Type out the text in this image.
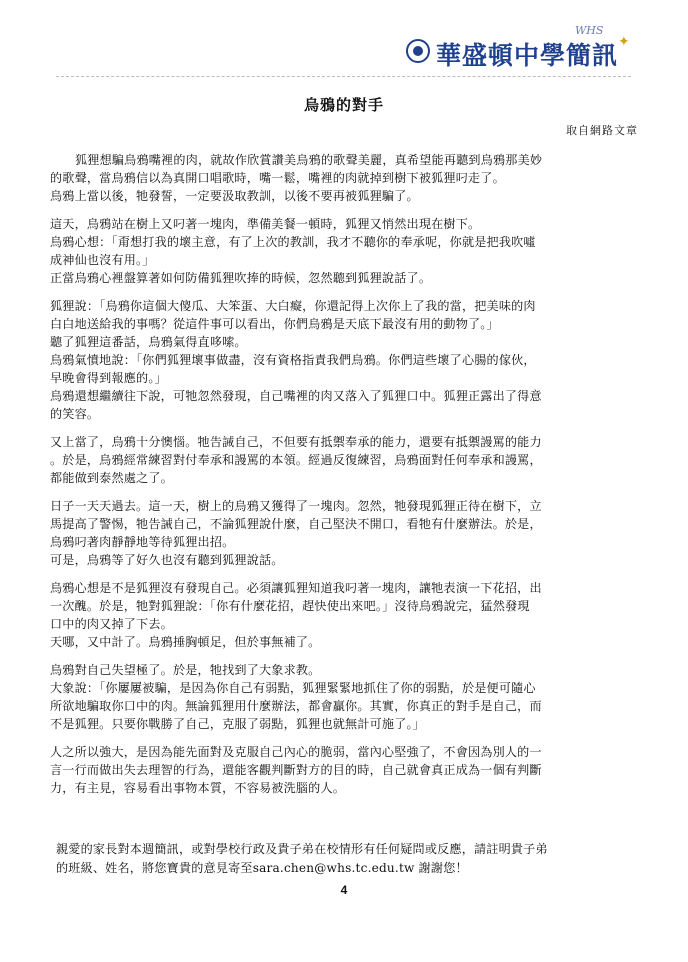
WHS
✦
華盛頓中學簡訊
烏鴉的對手
取自網路文章
狐狸想騙烏鴉嘴裡的肉，就故作欣賞讚美烏鴉的歌聲美麗，真希望能再聽到烏鴉那美妙
的歌聲，當烏鴉信以為真開口唱歌時，嘴一鬆，嘴裡的肉就掉到樹下被狐狸叼走了。
烏鴉上當以後，牠發誓，一定要汲取教訓，以後不要再被狐狸騙了。
這天，烏鴉站在樹上又叼著一塊肉，準備美餐一頓時，狐狸又悄然出現在樹下。
烏鴉心想：「甭想打我的壞主意，有了上次的教訓，我才不聽你的奉承呢，你就是把我吹噓
成神仙也沒有用。」
正當烏鴉心裡盤算著如何防備狐狸吹捧的時候，忽然聽到狐狸說話了。
狐狸說：「烏鴉你這個大傻瓜、大笨蛋、大白癡，你還記得上次你上了我的當，把美味的肉
白白地送給我的事嗎？從這件事可以看出，你們烏鴉是天底下最沒有用的動物了。」
聽了狐狸這番話，烏鴉氣得直哆嗦。
烏鴉氣憤地說：「你們狐狸壞事做盡，沒有資格指責我們烏鴉。你們這些壞了心腸的傢伙，
早晚會得到報應的。」
烏鴉還想繼續往下說，可牠忽然發現，自己嘴裡的肉又落入了狐狸口中。狐狸正露出了得意
的笑容。
又上當了，烏鴉十分懊惱。牠告誡自己，不但要有抵禦奉承的能力，還要有抵禦謾罵的能力
。於是，烏鴉經常練習對付奉承和謾罵的本領。經過反復練習，烏鴉面對任何奉承和謾罵，
都能做到泰然處之了。
日子一天天過去。這一天，樹上的烏鴉又獲得了一塊肉。忽然，牠發現狐狸正待在樹下，立
馬提高了警惕，牠告誡自己，不論狐狸說什麼，自己堅決不開口，看牠有什麼辦法。於是，
烏鴉叼著肉靜靜地等待狐狸出招。
可是，烏鴉等了好久也沒有聽到狐狸說話。
烏鴉心想是不是狐狸沒有發現自己。必須讓狐狸知道我叼著一塊肉，讓牠表演一下花招，出
一次醜。於是，牠對狐狸說：「你有什麼花招，趕快使出來吧。」沒待烏鴉說完，猛然發現
口中的肉又掉了下去。
天哪，又中計了。烏鴉捶胸頓足，但於事無補了。
烏鴉對自己失望極了。於是，牠找到了大象求教。
大象說：「你屢屢被騙，是因為你自己有弱點，狐狸緊緊地抓住了你的弱點，於是便可隨心
所欲地騙取你口中的肉。無論狐狸用什麼辦法，都會贏你。其實，你真正的對手是自己，而
不是狐狸。只要你戰勝了自己，克服了弱點，狐狸也就無計可施了。」
人之所以強大，是因為能先面對及克服自己內心的脆弱，當內心堅強了，不會因為別人的一
言一行而做出失去理智的行為，還能客觀判斷對方的目的時，自己就會真正成為一個有判斷
力，有主見，容易看出事物本質，不容易被洗腦的人。
親愛的家長對本週簡訊，或對學校行政及貴子弟在校情形有任何疑問或反應，請註明貴子弟
的班級、姓名，將您寶貴的意見寄至sara.chen@whs.tc.edu.tw 謝謝您！
4
